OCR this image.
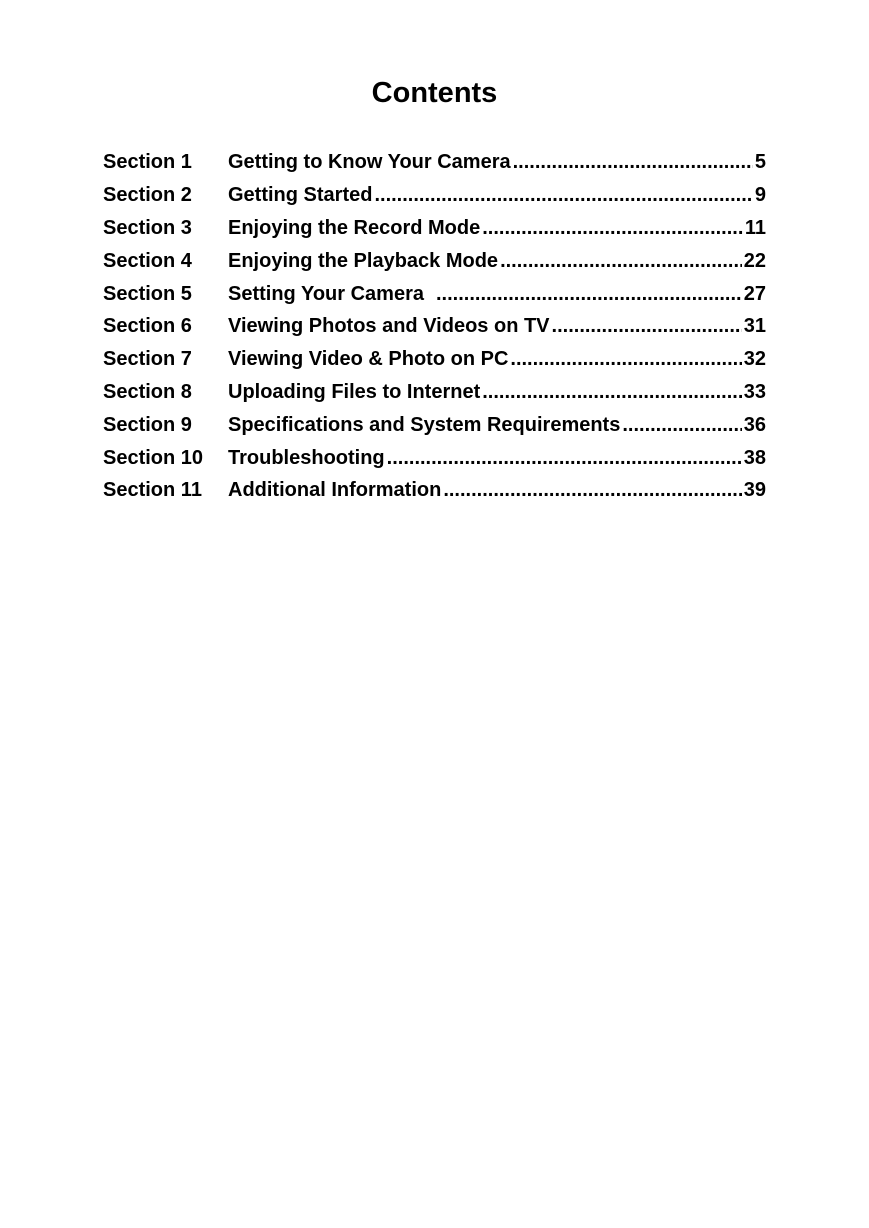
Contents
Section 1	Getting to Know Your Camera .....	5
Section 2	Getting Started .....	9
Section 3	Enjoying the Record Mode .....	11
Section 4	Enjoying the Playback Mode .....	22
Section 5	Setting Your Camera .....	27
Section 6	Viewing Photos and Videos on TV .....	31
Section 7	Viewing Video & Photo on PC .....	32
Section 8	Uploading Files to Internet .....	33
Section 9	Specifications and System Requirements .....	36
Section 10	Troubleshooting .....	38
Section 11	Additional Information .....	39
